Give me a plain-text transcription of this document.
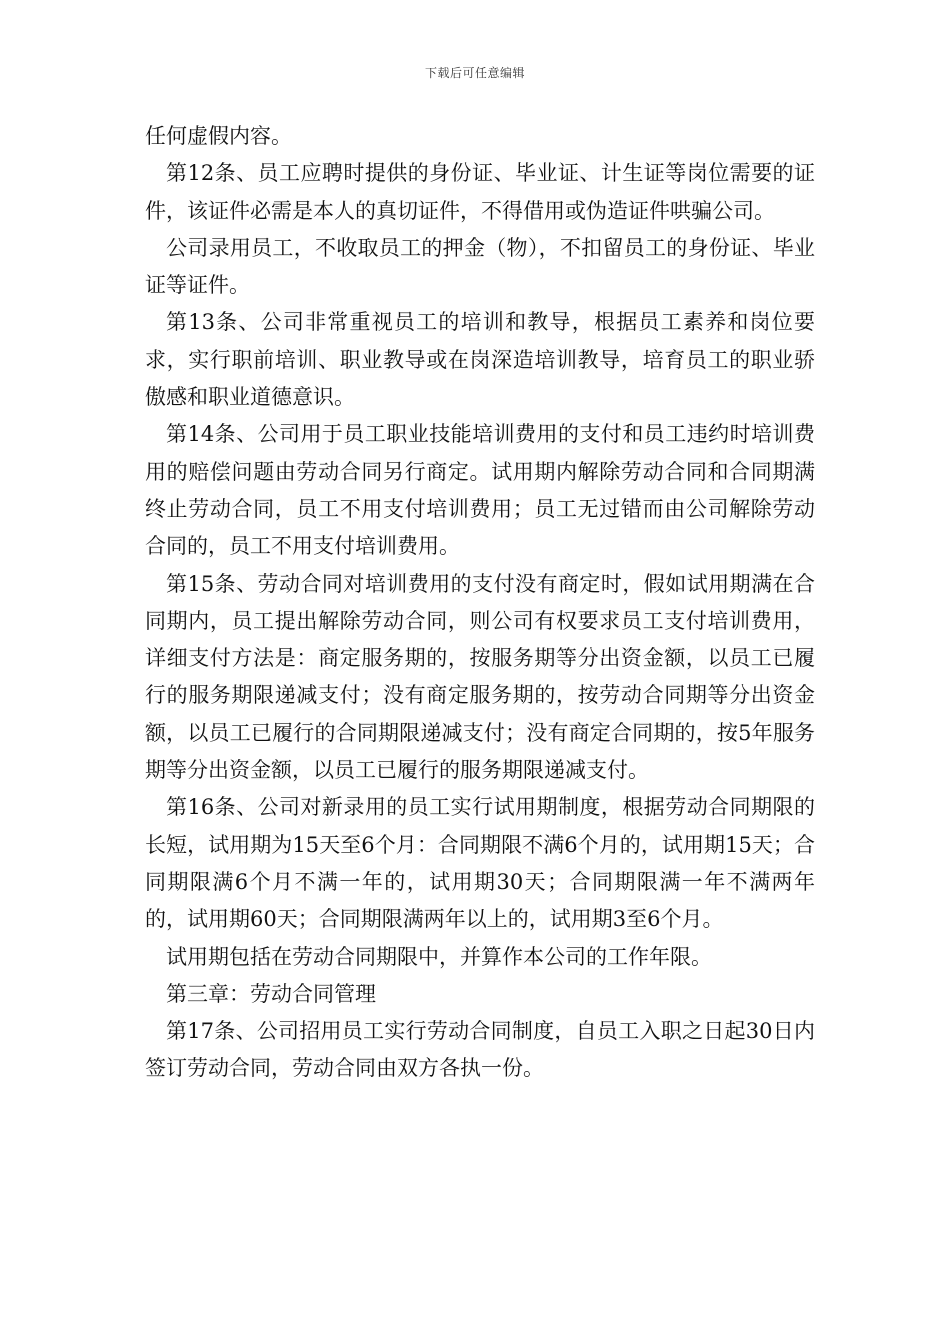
下载后可任意编辑

任何虚假内容。

第12条、员工应聘时提供的身份证、毕业证、计生证等岗位需要的证件，该证件必需是本人的真切证件，不得借用或伪造证件哄骗公司。

公司录用员工，不收取员工的押金（物），不扣留员工的身份证、毕业证等证件。

第13条、公司非常重视员工的培训和教导，根据员工素养和岗位要求，实行职前培训、职业教导或在岗深造培训教导，培育员工的职业骄傲感和职业道德意识。

第14条、公司用于员工职业技能培训费用的支付和员工违约时培训费用的赔偿问题由劳动合同另行商定。试用期内解除劳动合同和合同期满终止劳动合同，员工不用支付培训费用；员工无过错而由公司解除劳动合同的，员工不用支付培训费用。

第15条、劳动合同对培训费用的支付没有商定时，假如试用期满在合同期内，员工提出解除劳动合同，则公司有权要求员工支付培训费用，详细支付方法是：商定服务期的，按服务期等分出资金额，以员工已履行的服务期限递减支付；没有商定服务期的，按劳动合同期等分出资金额，以员工已履行的合同期限递减支付；没有商定合同期的，按5年服务期等分出资金额，以员工已履行的服务期限递减支付。

第16条、公司对新录用的员工实行试用期制度，根据劳动合同期限的长短，试用期为15天至6个月：合同期限不满6个月的，试用期15天；合同期限满6个月不满一年的，试用期30天；合同期限满一年不满两年的，试用期60天；合同期限满两年以上的，试用期3至6个月。

试用期包括在劳动合同期限中，并算作本公司的工作年限。

第三章：劳动合同管理

第17条、公司招用员工实行劳动合同制度，自员工入职之日起30日内签订劳动合同，劳动合同由双方各执一份。
